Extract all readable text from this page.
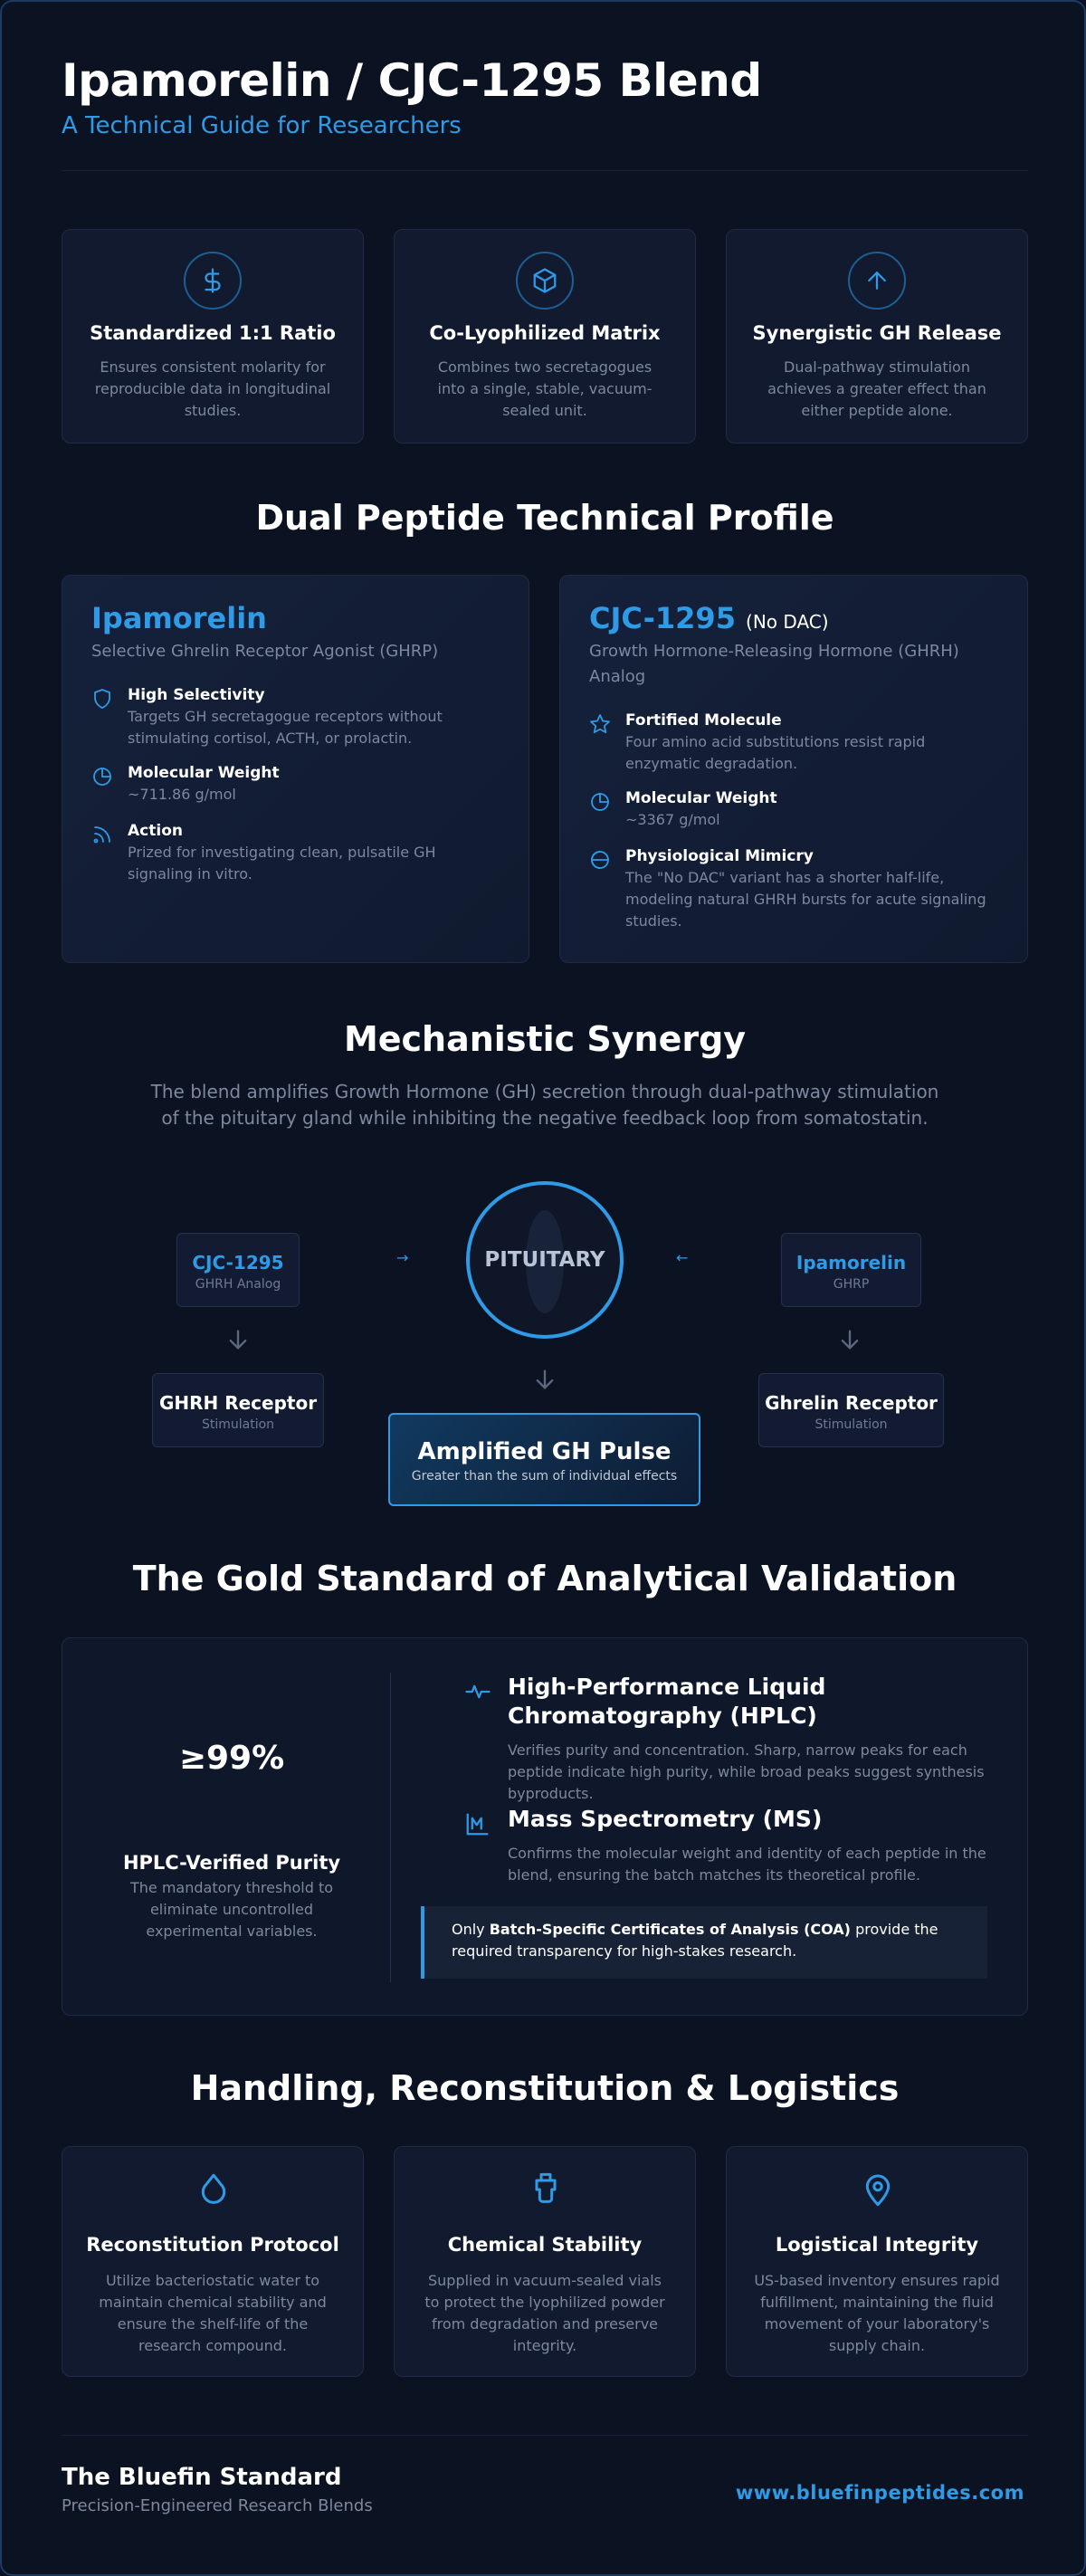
Ipamorelin / CJC-1295 Blend
A Technical Guide for Researchers
Standardized 1:1 Ratio
Ensures consistent molarity for reproducible data in longitudinal studies.
Co-Lyophilized Matrix
Combines two secretagogues into a single, stable, vacuum-sealed unit.
Synergistic GH Release
Dual-pathway stimulation achieves a greater effect than either peptide alone.
Dual Peptide Technical Profile
Ipamorelin
Selective Ghrelin Receptor Agonist (GHRP)
High Selectivity
Targets GH secretagogue receptors without stimulating cortisol, ACTH, or prolactin.
Molecular Weight
~711.86 g/mol
Action
Prized for investigating clean, pulsatile GH signaling in vitro.
CJC-1295 (No DAC)
Growth Hormone-Releasing Hormone (GHRH) Analog
Fortified Molecule
Four amino acid substitutions resist rapid enzymatic degradation.
Molecular Weight
~3367 g/mol
Physiological Mimicry
The "No DAC" variant has a shorter half-life, modeling natural GHRH bursts for acute signaling studies.
Mechanistic Synergy
The blend amplifies Growth Hormone (GH) secretion through dual-pathway stimulation of the pituitary gland while inhibiting the negative feedback loop from somatostatin.
CJC-1295
GHRH Analog
→	PITUITARY	←	Ipamorelin
GHRP
GHRH Receptor
Stimulation
Ghrelin Receptor
Stimulation
Amplified GH Pulse
Greater than the sum of individual effects
The Gold Standard of Analytical Validation
≥99%
HPLC-Verified Purity
The mandatory threshold to eliminate uncontrolled experimental variables.
High-Performance Liquid Chromatography (HPLC)
Verifies purity and concentration. Sharp, narrow peaks for each peptide indicate high purity, while broad peaks suggest synthesis byproducts.
Mass Spectrometry (MS)
Confirms the molecular weight and identity of each peptide in the blend, ensuring the batch matches its theoretical profile.
Only Batch-Specific Certificates of Analysis (COA) provide the required transparency for high-stakes research.
Handling, Reconstitution & Logistics
Reconstitution Protocol
Utilize bacteriostatic water to maintain chemical stability and ensure the shelf-life of the research compound.
Chemical Stability
Supplied in vacuum-sealed vials to protect the lyophilized powder from degradation and preserve integrity.
Logistical Integrity
US-based inventory ensures rapid fulfillment, maintaining the fluid movement of your laboratory's supply chain.
The Bluefin Standard
Precision-Engineered Research Blends
www.bluefinpeptides.com
